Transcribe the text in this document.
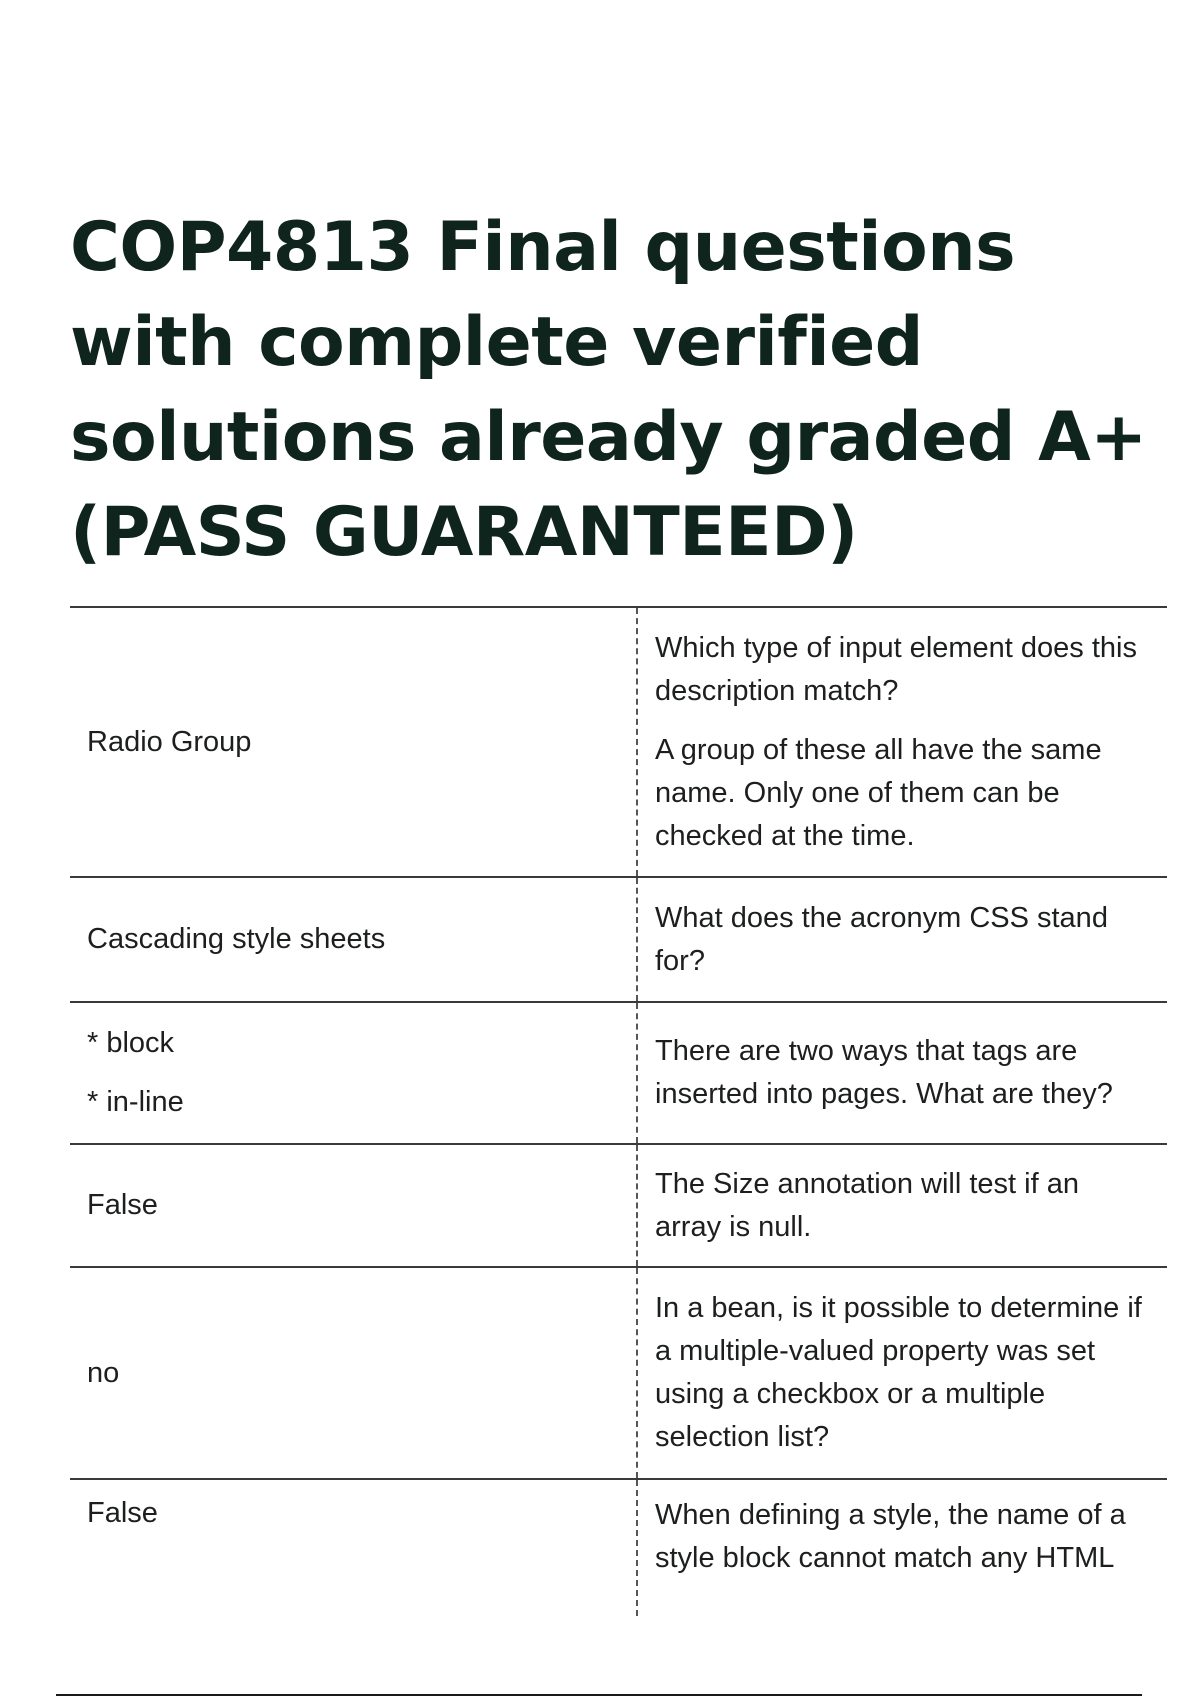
COP4813 Final questions with complete verified solutions already graded A+ (PASS GUARANTEED)

Radio Group	Which type of input element does this description match?

A group of these all have the same name. Only one of them can be checked at the time.

Cascading style sheets	What does the acronym CSS stand for?

* block

* in-line	There are two ways that tags are inserted into pages. What are they?

False	The Size annotation will test if an array is null.

no	In a bean, is it possible to determine if a multiple-valued property was set using a checkbox or a multiple selection list?

False	When defining a style, the name of a style block cannot match any HTML
